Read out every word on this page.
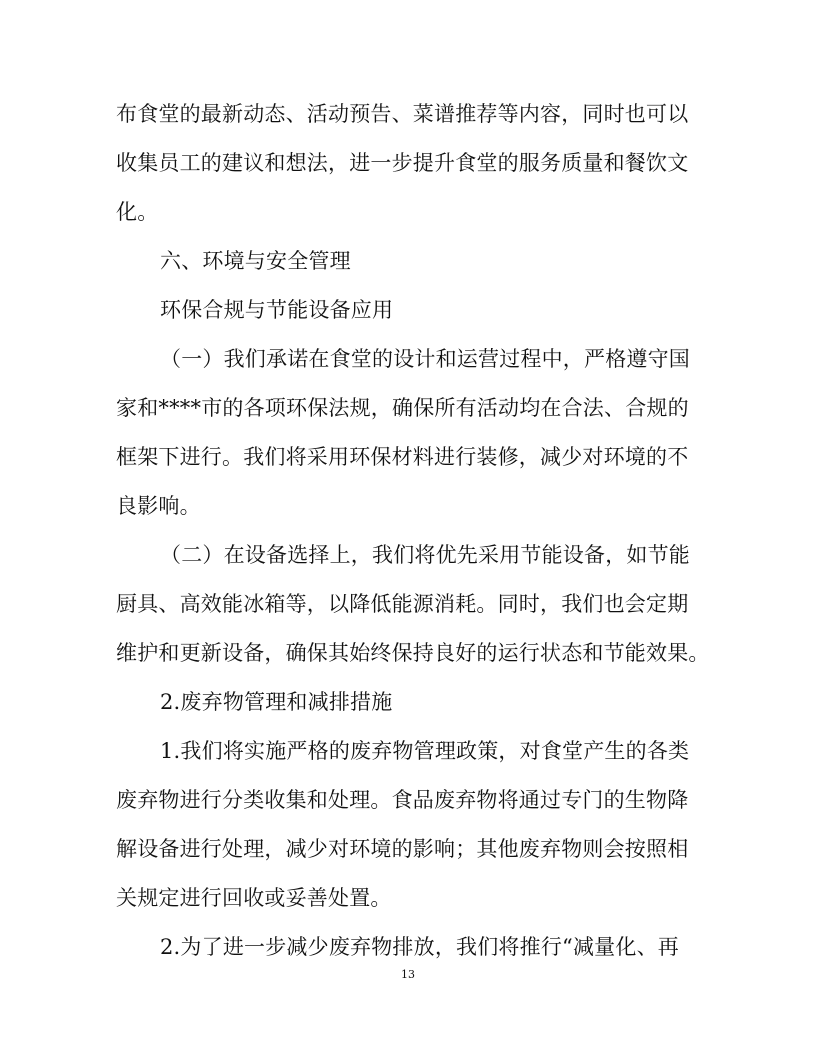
布食堂的最新动态、活动预告、菜谱推荐等内容，同时也可以
收集员工的建议和想法，进一步提升食堂的服务质量和餐饮文
化。
六、环境与安全管理
环保合规与节能设备应用
（一）我们承诺在食堂的设计和运营过程中，严格遵守国
家和****市的各项环保法规，确保所有活动均在合法、合规的
框架下进行。我们将采用环保材料进行装修，减少对环境的不
良影响。
（二）在设备选择上，我们将优先采用节能设备，如节能
厨具、高效能冰箱等，以降低能源消耗。同时，我们也会定期
维护和更新设备，确保其始终保持良好的运行状态和节能效果。
2.废弃物管理和减排措施
1.我们将实施严格的废弃物管理政策，对食堂产生的各类
废弃物进行分类收集和处理。食品废弃物将通过专门的生物降
解设备进行处理，减少对环境的影响；其他废弃物则会按照相
关规定进行回收或妥善处置。
2.为了进一步减少废弃物排放，我们将推行“减量化、再
13
